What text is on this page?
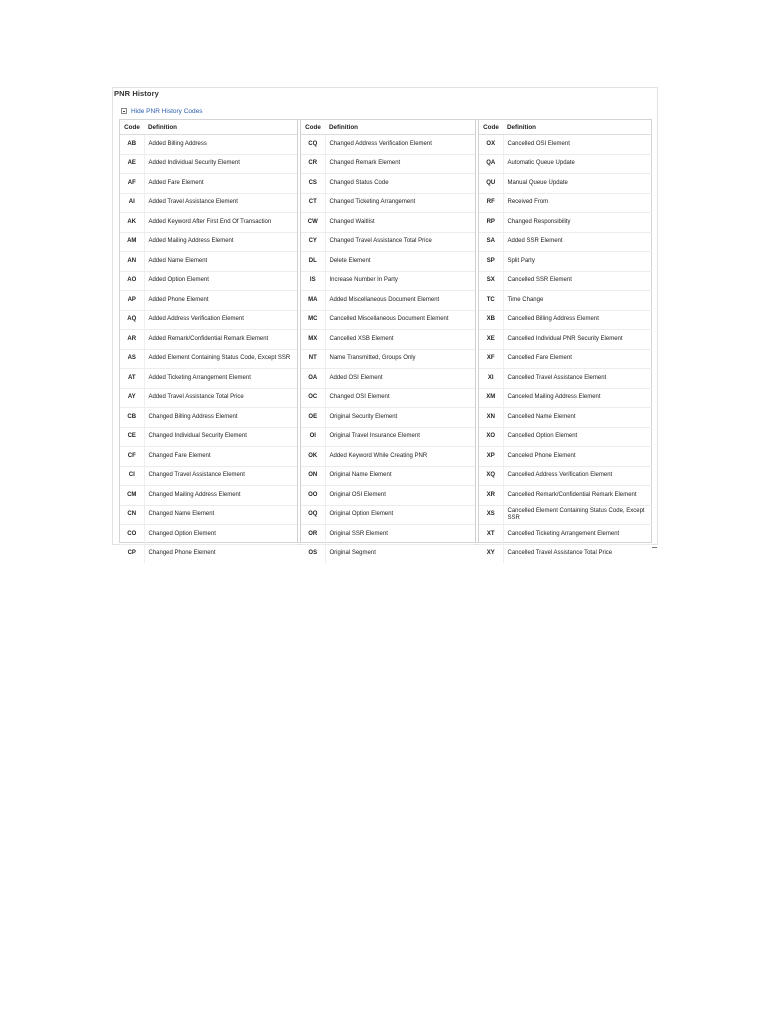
PNR History
Hide PNR History Codes
Code	Definition
AB	Added Billing Address
AE	Added Individual Security Element
AF	Added Fare Element
AI	Added Travel Assistance Element
AK	Added Keyword After First End Of Transaction
AM	Added Mailing Address Element
AN	Added Name Element
AO	Added Option Element
AP	Added Phone Element
AQ	Added Address Verification Element
AR	Added Remark/Confidential Remark Element
AS	Added Element Containing Status Code, Except SSR
AT	Added Ticketing Arrangement Element
AY	Added Travel Assistance Total Price
CB	Changed Billing Address Element
CE	Changed Individual Security Element
CF	Changed Fare Element
CI	Changed Travel Assistance Element
CM	Changed Mailing Address Element
CN	Changed Name Element
CO	Changed Option Element
CP	Changed Phone Element
Code	Definition
CQ	Changed Address Verification Element
CR	Changed Remark Element
CS	Changed Status Code
CT	Changed Ticketing Arrangement
CW	Changed Waitlist
CY	Changed Travel Assistance Total Price
DL	Delete Element
IS	Increase Number In Party
MA	Added Miscellaneous Document Element
MC	Cancelled Miscellaneous Document Element
MX	Cancelled XSB Element
NT	Name Transmitted, Groups Only
OA	Added OSI Element
OC	Changed OSI Element
OE	Original Security Element
OI	Original Travel Insurance Element
OK	Added Keyword While Creating PNR
ON	Original Name Element
OO	Original OSI Element
OQ	Original Option Element
OR	Original SSR Element
OS	Original Segment
Code	Definition
OX	Cancelled OSI Element
QA	Automatic Queue Update
QU	Manual Queue Update
RF	Received From
RP	Changed Responsibility
SA	Added SSR Element
SP	Split Party
SX	Cancelled SSR Element
TC	Time Change
XB	Cancelled Billing Address Element
XE	Cancelled Individual PNR Security Element
XF	Cancelled Fare Element
XI	Cancelled Travel Assistance Element
XM	Canceled Mailing Address Element
XN	Cancelled Name Element
XO	Cancelled Option Element
XP	Canceled Phone Element
XQ	Cancelled Address Verification Element
XR	Cancelled Remark/Confidential Remark Element
XS	Cancelled Element Containing Status Code, Except SSR
XT	Cancelled Ticketing Arrangement Element
XY	Cancelled Travel Assistance Total Price
